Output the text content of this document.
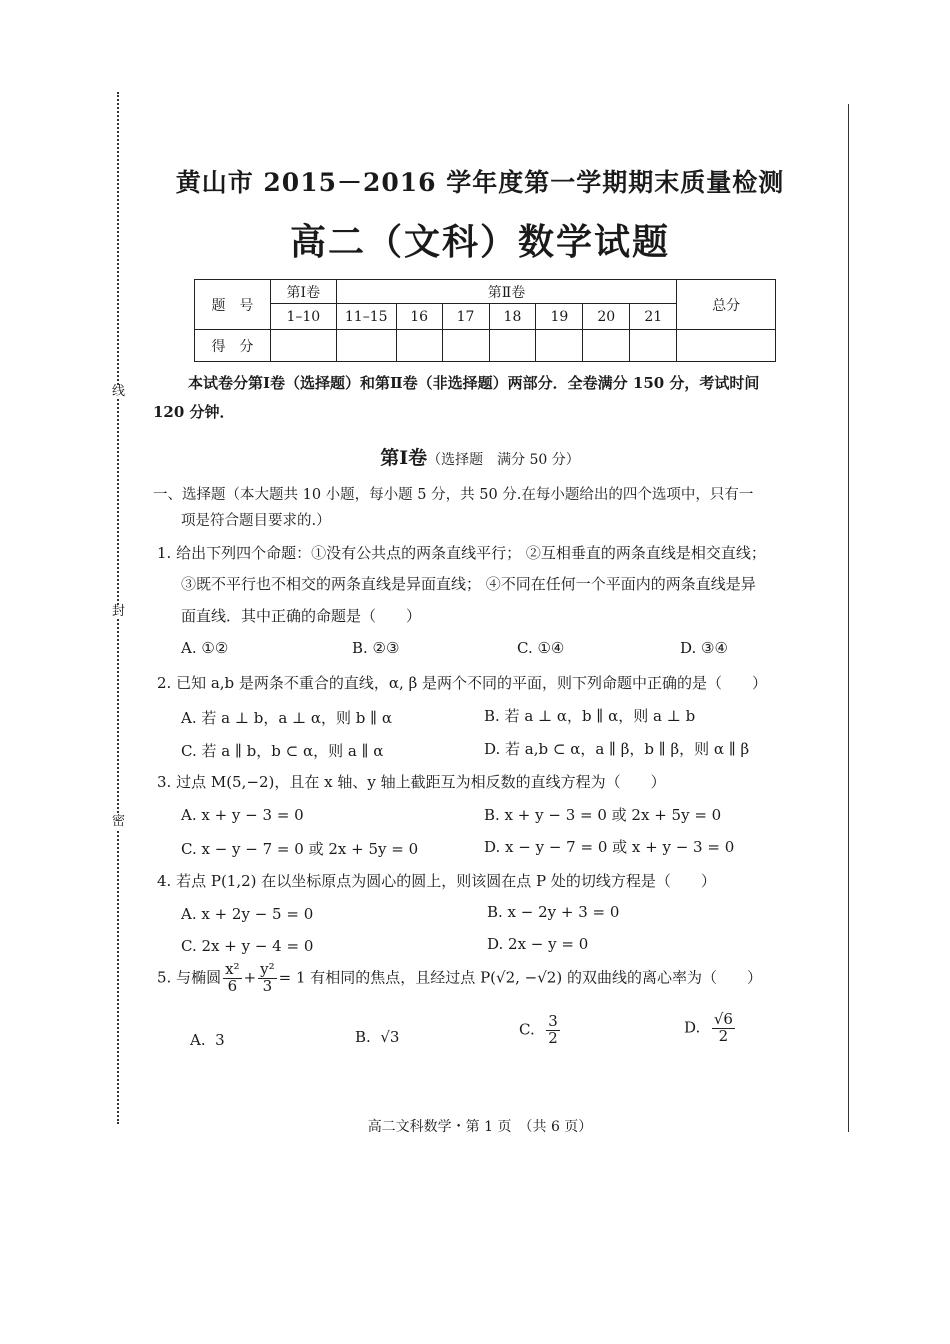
线
封
密
黄山市 2015－2016 学年度第一学期期末质量检测
高二（文科）数学试题
题　号	第Ⅰ卷	第Ⅱ卷							总分
	1–10	11–15	16	17	18	19	20	21	
得　分									
本试卷分第Ⅰ卷（选择题）和第Ⅱ卷（非选择题）两部分．全卷满分 150 分，考试时间
120 分钟．
第Ⅰ卷（选择题　满分 50 分）
一、选择题（本大题共 10 小题，每小题 5 分，共 50 分.在每小题给出的四个选项中，只有一
项是符合题目要求的.）
1. 给出下列四个命题：①没有公共点的两条直线平行； ②互相垂直的两条直线是相交直线；
③既不平行也不相交的两条直线是异面直线； ④不同在任何一个平面内的两条直线是异
面直线．其中正确的命题是（　　）
A. ①②	B. ②③	C. ①④	D. ③④
2. 已知 a,b 是两条不重合的直线，α, β 是两个不同的平面，则下列命题中正确的是（　　）
A. 若 a ⊥ b，a ⊥ α，则 b ∥ α	B. 若 a ⊥ α，b ∥ α，则 a ⊥ b
C. 若 a ∥ b，b ⊂ α，则 a ∥ α	D. 若 a,b ⊂ α，a ∥ β，b ∥ β，则 α ∥ β
3. 过点 M(5,−2)，且在 x 轴、y 轴上截距互为相反数的直线方程为（　　）
A. x + y − 3 = 0	B. x + y − 3 = 0 或 2x + 5y = 0
C. x − y − 7 = 0 或 2x + 5y = 0	D. x − y − 7 = 0 或 x + y − 3 = 0
4. 若点 P(1,2) 在以坐标原点为圆心的圆上，则该圆在点 P 处的切线方程是（　　）
A. x + 2y − 5 = 0	B. x − 2y + 3 = 0
C. 2x + y − 4 = 0	D. 2x − y = 0
5. 与椭圆 $\frac{\text{x²}}{6} + \frac{\text{y²}}{3} = 1$ 有相同的焦点，且经过点 P(√2, −√2) 的双曲线的离心率为（　　）
A. 3	B. √3	C. $\frac{3}{2}$	D. $\frac{√6}{2}$
高二文科数学・第 1 页　（共 6 页）
